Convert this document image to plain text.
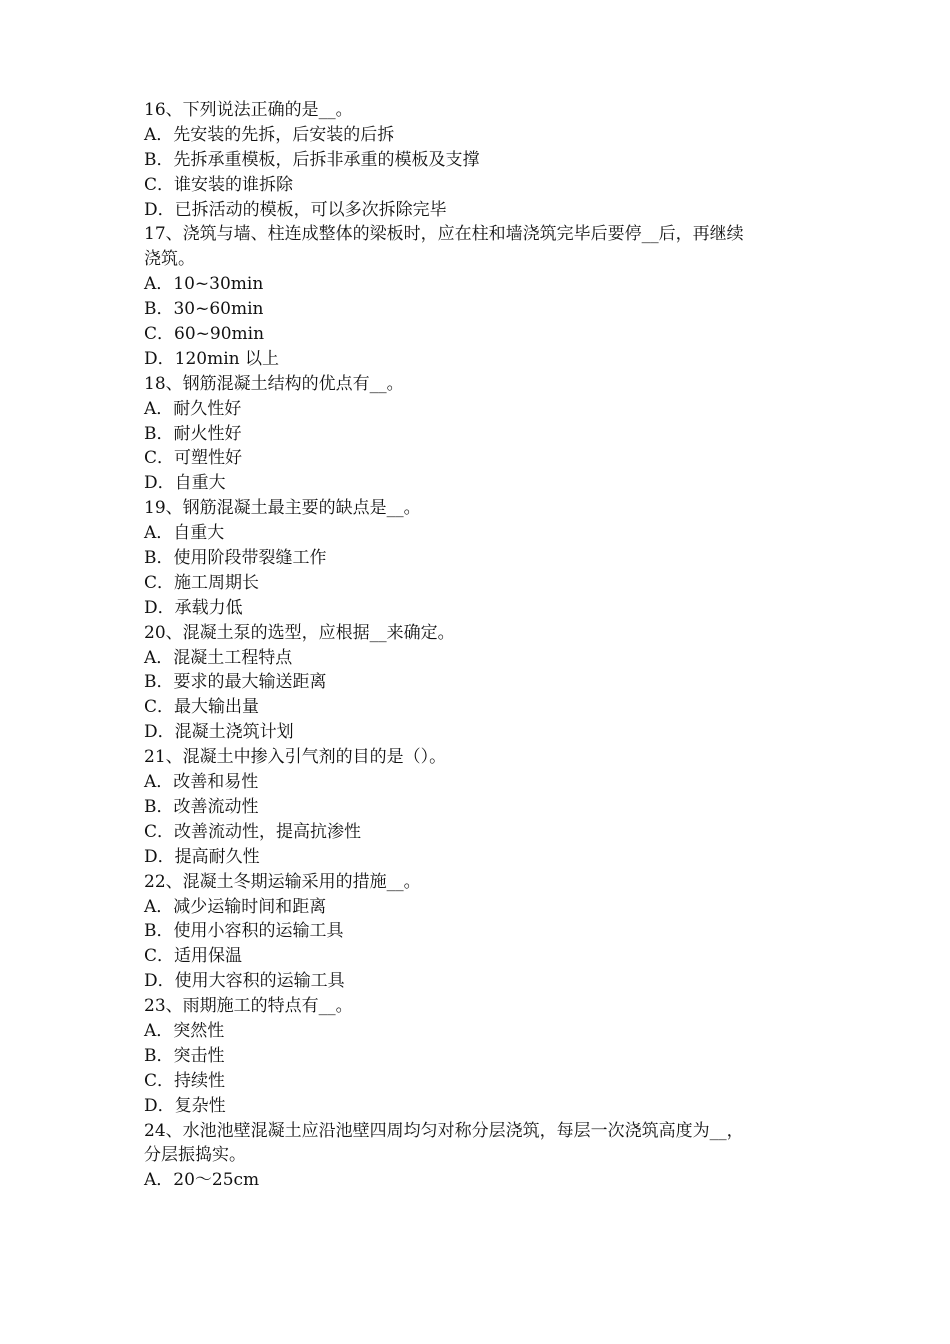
16、下列说法正确的是__。
A．先安装的先拆，后安装的后拆
B．先拆承重模板，后拆非承重的模板及支撑
C．谁安装的谁拆除
D．已拆活动的模板，可以多次拆除完毕
17、浇筑与墙、柱连成整体的梁板时，应在柱和墙浇筑完毕后要停__后，再继续
浇筑。
A．10~30min
B．30~60min
C．60~90min
D．120min 以上
18、钢筋混凝土结构的优点有__。
A．耐久性好
B．耐火性好
C．可塑性好
D．自重大
19、钢筋混凝土最主要的缺点是__。
A．自重大
B．使用阶段带裂缝工作
C．施工周期长
D．承载力低
20、混凝土泵的选型，应根据__来确定。
A．混凝土工程特点
B．要求的最大输送距离
C．最大输出量
D．混凝土浇筑计划
21、混凝土中掺入引气剂的目的是（）。
A．改善和易性
B．改善流动性
C．改善流动性，提高抗渗性
D．提高耐久性
22、混凝土冬期运输采用的措施__。
A．减少运输时间和距离
B．使用小容积的运输工具
C．适用保温
D．使用大容积的运输工具
23、雨期施工的特点有__。
A．突然性
B．突击性
C．持续性
D．复杂性
24、水池池壁混凝土应沿池壁四周均匀对称分层浇筑，每层一次浇筑高度为__，
分层振捣实。
A．20～25cm
